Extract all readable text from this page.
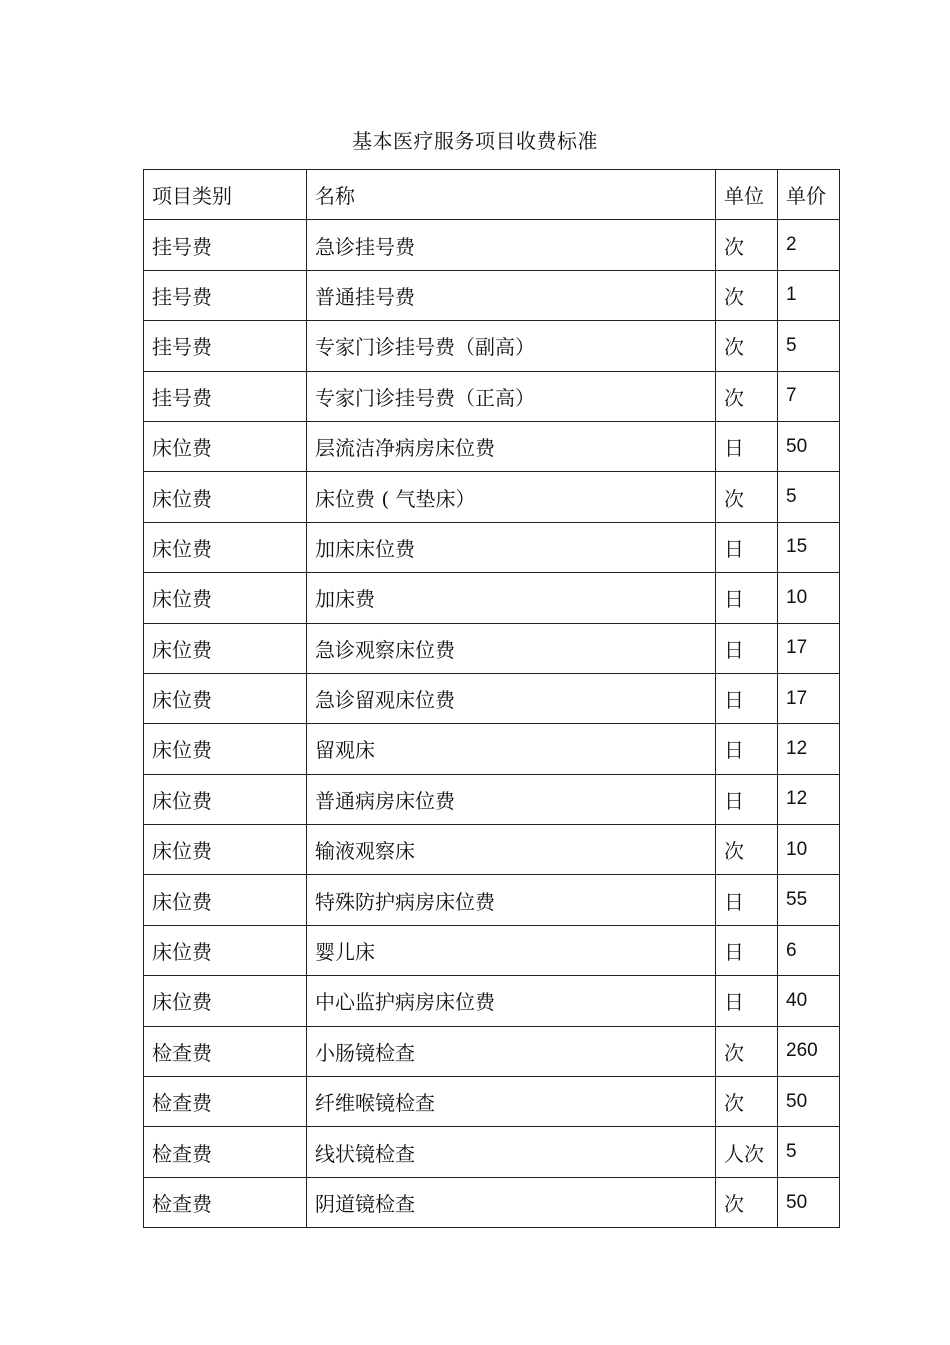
基本医疗服务项目收费标准
项目类别	名称	单位	单价
挂号费	急诊挂号费	次	2
挂号费	普通挂号费	次	1
挂号费	专家门诊挂号费（副高）	次	5
挂号费	专家门诊挂号费（正高）	次	7
床位费	层流洁净病房床位费	日	50
床位费	床位费 ( 气垫床）	次	5
床位费	加床床位费	日	15
床位费	加床费	日	10
床位费	急诊观察床位费	日	17
床位费	急诊留观床位费	日	17
床位费	留观床	日	12
床位费	普通病房床位费	日	12
床位费	输液观察床	次	10
床位费	特殊防护病房床位费	日	55
床位费	婴儿床	日	6
床位费	中心监护病房床位费	日	40
检查费	小肠镜检查	次	260
检查费	纤维喉镜检查	次	50
检查费	线状镜检查	人次	5
检查费	阴道镜检查	次	50
